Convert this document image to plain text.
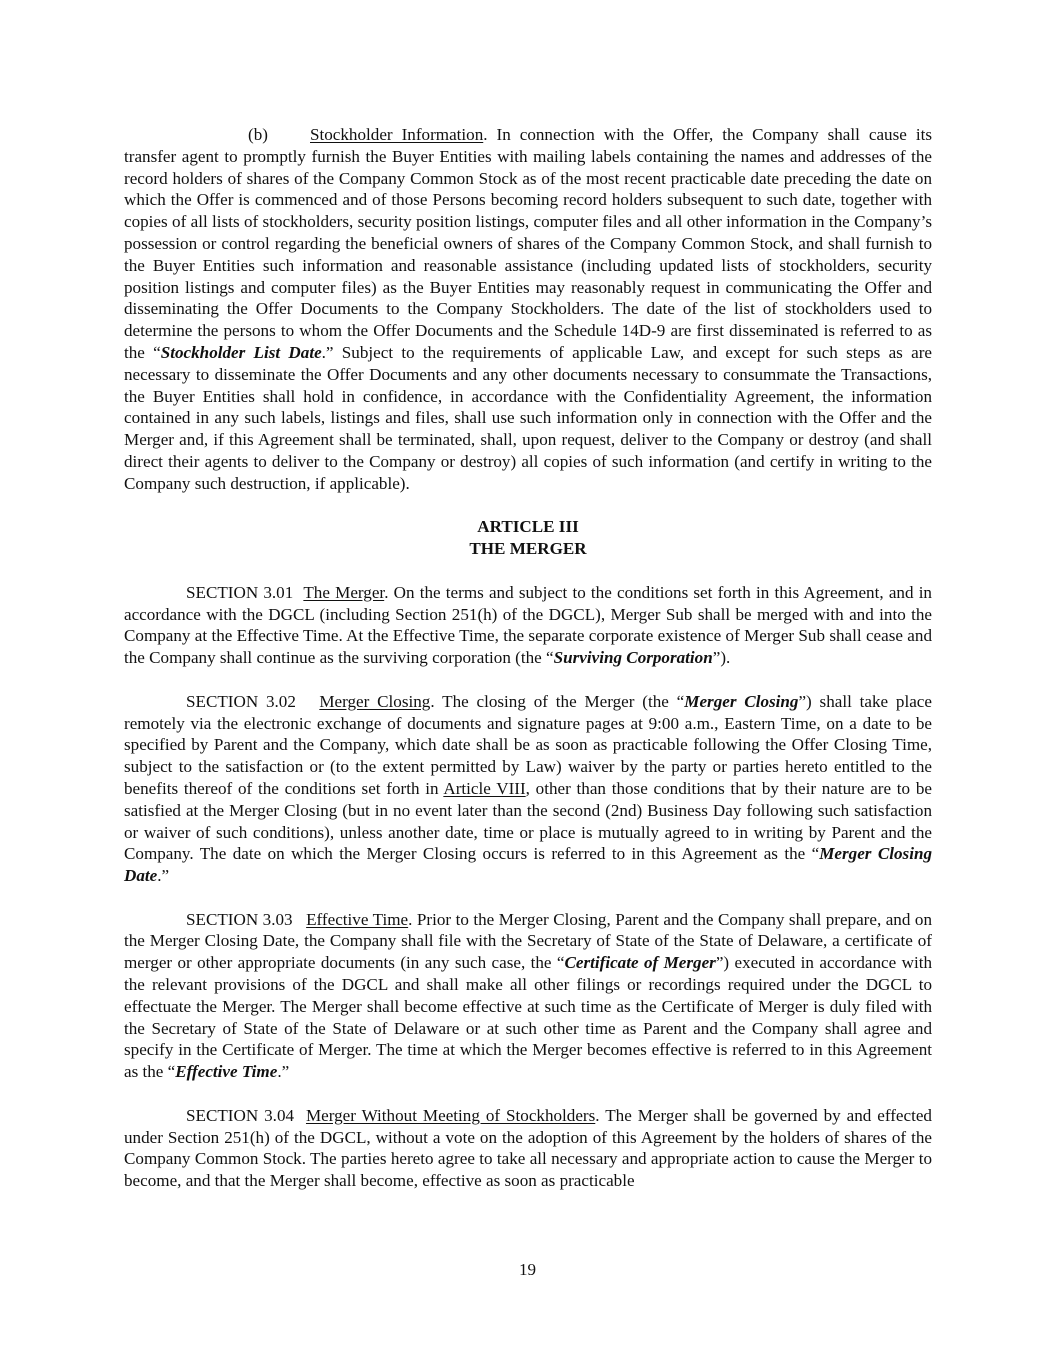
(b) Stockholder Information. In connection with the Offer, the Company shall cause its transfer agent to promptly furnish the Buyer Entities with mailing labels containing the names and addresses of the record holders of shares of the Company Common Stock as of the most recent practicable date preceding the date on which the Offer is commenced and of those Persons becoming record holders subsequent to such date, together with copies of all lists of stockholders, security position listings, computer files and all other information in the Company’s possession or control regarding the beneficial owners of shares of the Company Common Stock, and shall furnish to the Buyer Entities such information and reasonable assistance (including updated lists of stockholders, security position listings and computer files) as the Buyer Entities may reasonably request in communicating the Offer and disseminating the Offer Documents to the Company Stockholders. The date of the list of stockholders used to determine the persons to whom the Offer Documents and the Schedule 14D-9 are first disseminated is referred to as the “Stockholder List Date.” Subject to the requirements of applicable Law, and except for such steps as are necessary to disseminate the Offer Documents and any other documents necessary to consummate the Transactions, the Buyer Entities shall hold in confidence, in accordance with the Confidentiality Agreement, the information contained in any such labels, listings and files, shall use such information only in connection with the Offer and the Merger and, if this Agreement shall be terminated, shall, upon request, deliver to the Company or destroy (and shall direct their agents to deliver to the Company or destroy) all copies of such information (and certify in writing to the Company such destruction, if applicable).

ARTICLE III
THE MERGER

SECTION 3.01 The Merger. On the terms and subject to the conditions set forth in this Agreement, and in accordance with the DGCL (including Section 251(h) of the DGCL), Merger Sub shall be merged with and into the Company at the Effective Time. At the Effective Time, the separate corporate existence of Merger Sub shall cease and the Company shall continue as the surviving corporation (the “Surviving Corporation”).

SECTION 3.02 Merger Closing. The closing of the Merger (the “Merger Closing”) shall take place remotely via the electronic exchange of documents and signature pages at 9:00 a.m., Eastern Time, on a date to be specified by Parent and the Company, which date shall be as soon as practicable following the Offer Closing Time, subject to the satisfaction or (to the extent permitted by Law) waiver by the party or parties hereto entitled to the benefits thereof of the conditions set forth in Article VIII, other than those conditions that by their nature are to be satisfied at the Merger Closing (but in no event later than the second (2nd) Business Day following such satisfaction or waiver of such conditions), unless another date, time or place is mutually agreed to in writing by Parent and the Company. The date on which the Merger Closing occurs is referred to in this Agreement as the “Merger Closing Date.”

SECTION 3.03 Effective Time. Prior to the Merger Closing, Parent and the Company shall prepare, and on the Merger Closing Date, the Company shall file with the Secretary of State of the State of Delaware, a certificate of merger or other appropriate documents (in any such case, the “Certificate of Merger”) executed in accordance with the relevant provisions of the DGCL and shall make all other filings or recordings required under the DGCL to effectuate the Merger. The Merger shall become effective at such time as the Certificate of Merger is duly filed with the Secretary of State of the State of Delaware or at such other time as Parent and the Company shall agree and specify in the Certificate of Merger. The time at which the Merger becomes effective is referred to in this Agreement as the “Effective Time.”

SECTION 3.04 Merger Without Meeting of Stockholders. The Merger shall be governed by and effected under Section 251(h) of the DGCL, without a vote on the adoption of this Agreement by the holders of shares of the Company Common Stock. The parties hereto agree to take all necessary and appropriate action to cause the Merger to become, and that the Merger shall become, effective as soon as practicable

19
